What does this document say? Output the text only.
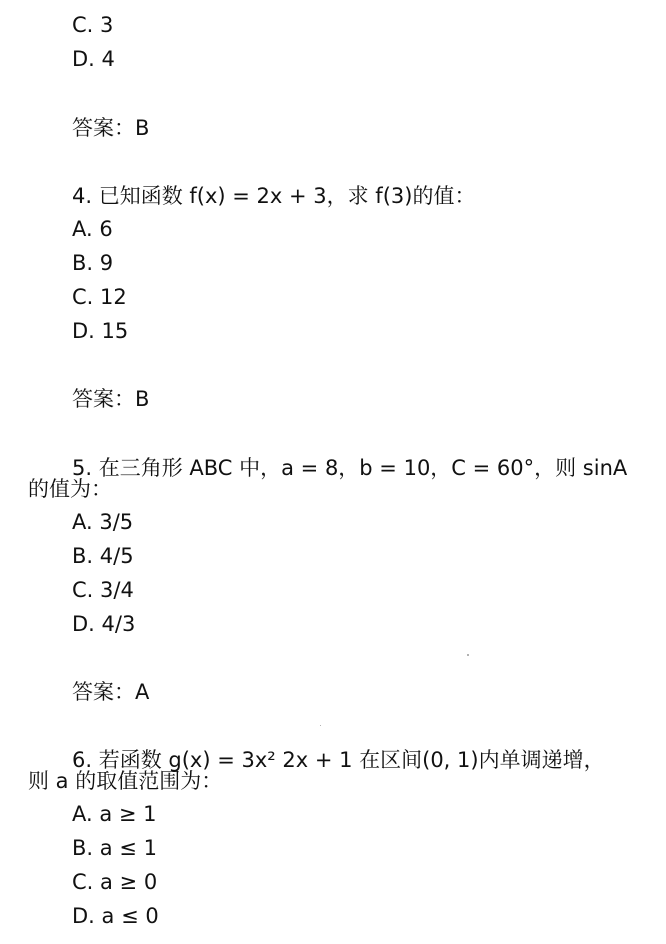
C. 3
D. 4
答案：B
4. 已知函数 f(x) = 2x + 3，求 f(3)的值：
A. 6
B. 9
C. 12
D. 15
答案：B
5. 在三角形 ABC 中，a = 8，b = 10，C = 60°，则 sinA
的值为：
A. 3/5
B. 4/5
C. 3/4
D. 4/3
答案：A
6. 若函数 g(x) = 3x² 2x + 1 在区间(0, 1)内单调递增，
则 a 的取值范围为：
A. a ≥ 1
B. a ≤ 1
C. a ≥ 0
D. a ≤ 0
